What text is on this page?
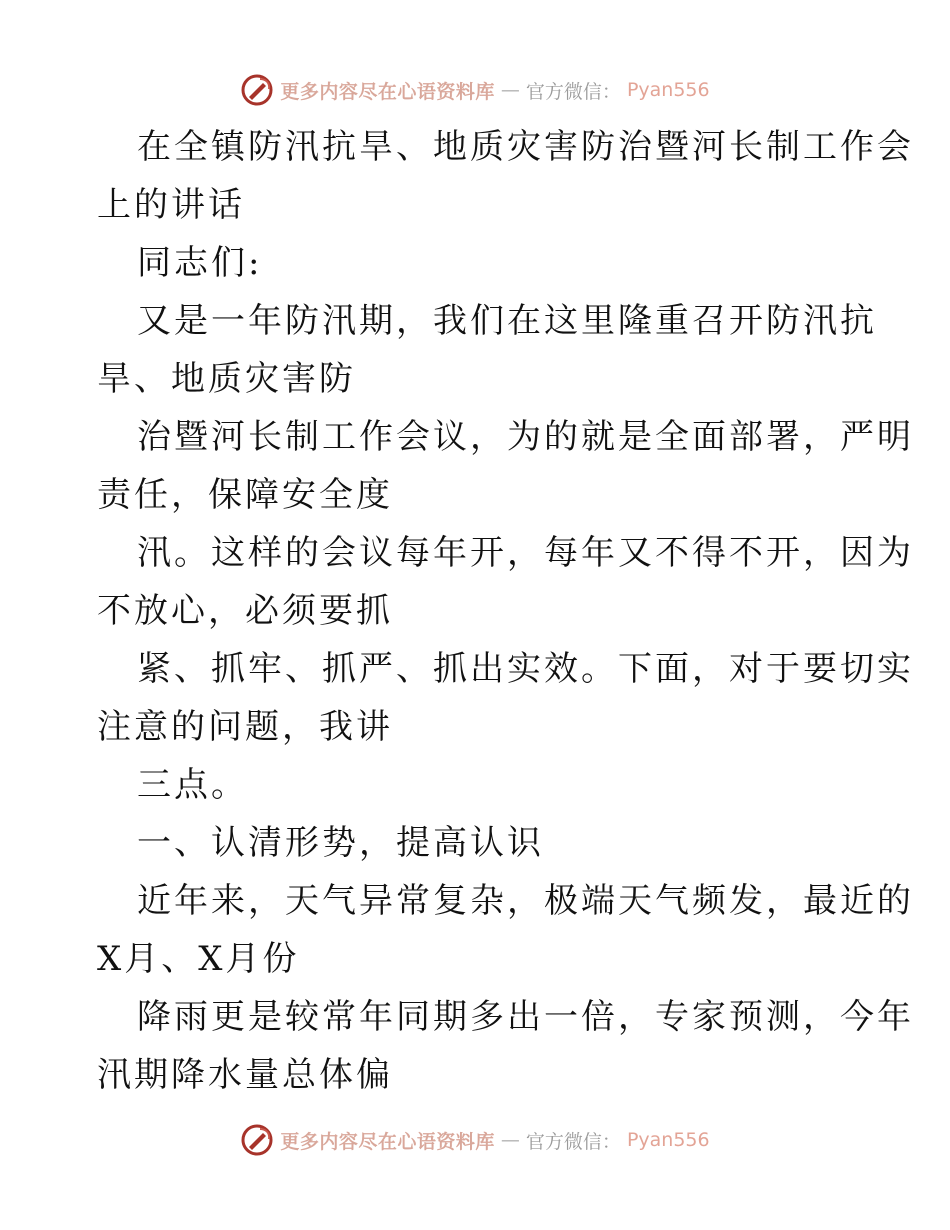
更多内容尽在心语资料库 — 官方微信： Pyan556
在全镇防汛抗旱、地质灾害防治暨河长制工作会
上的讲话
同志们:
又是一年防汛期，我们在这里隆重召开防汛抗
旱、地质灾害防
治暨河长制工作会议，为的就是全面部署，严明
责任，保障安全度
汛。这样的会议每年开，每年又不得不开，因为
不放心，必须要抓
紧、抓牢、抓严、抓出实效。下面，对于要切实
注意的问题，我讲
三点。
一、认清形势，提高认识
近年来，天气异常复杂，极端天气频发，最近的
X月、X月份
降雨更是较常年同期多出一倍，专家预测，今年
汛期降水量总体偏
更多内容尽在心语资料库 — 官方微信： Pyan556
